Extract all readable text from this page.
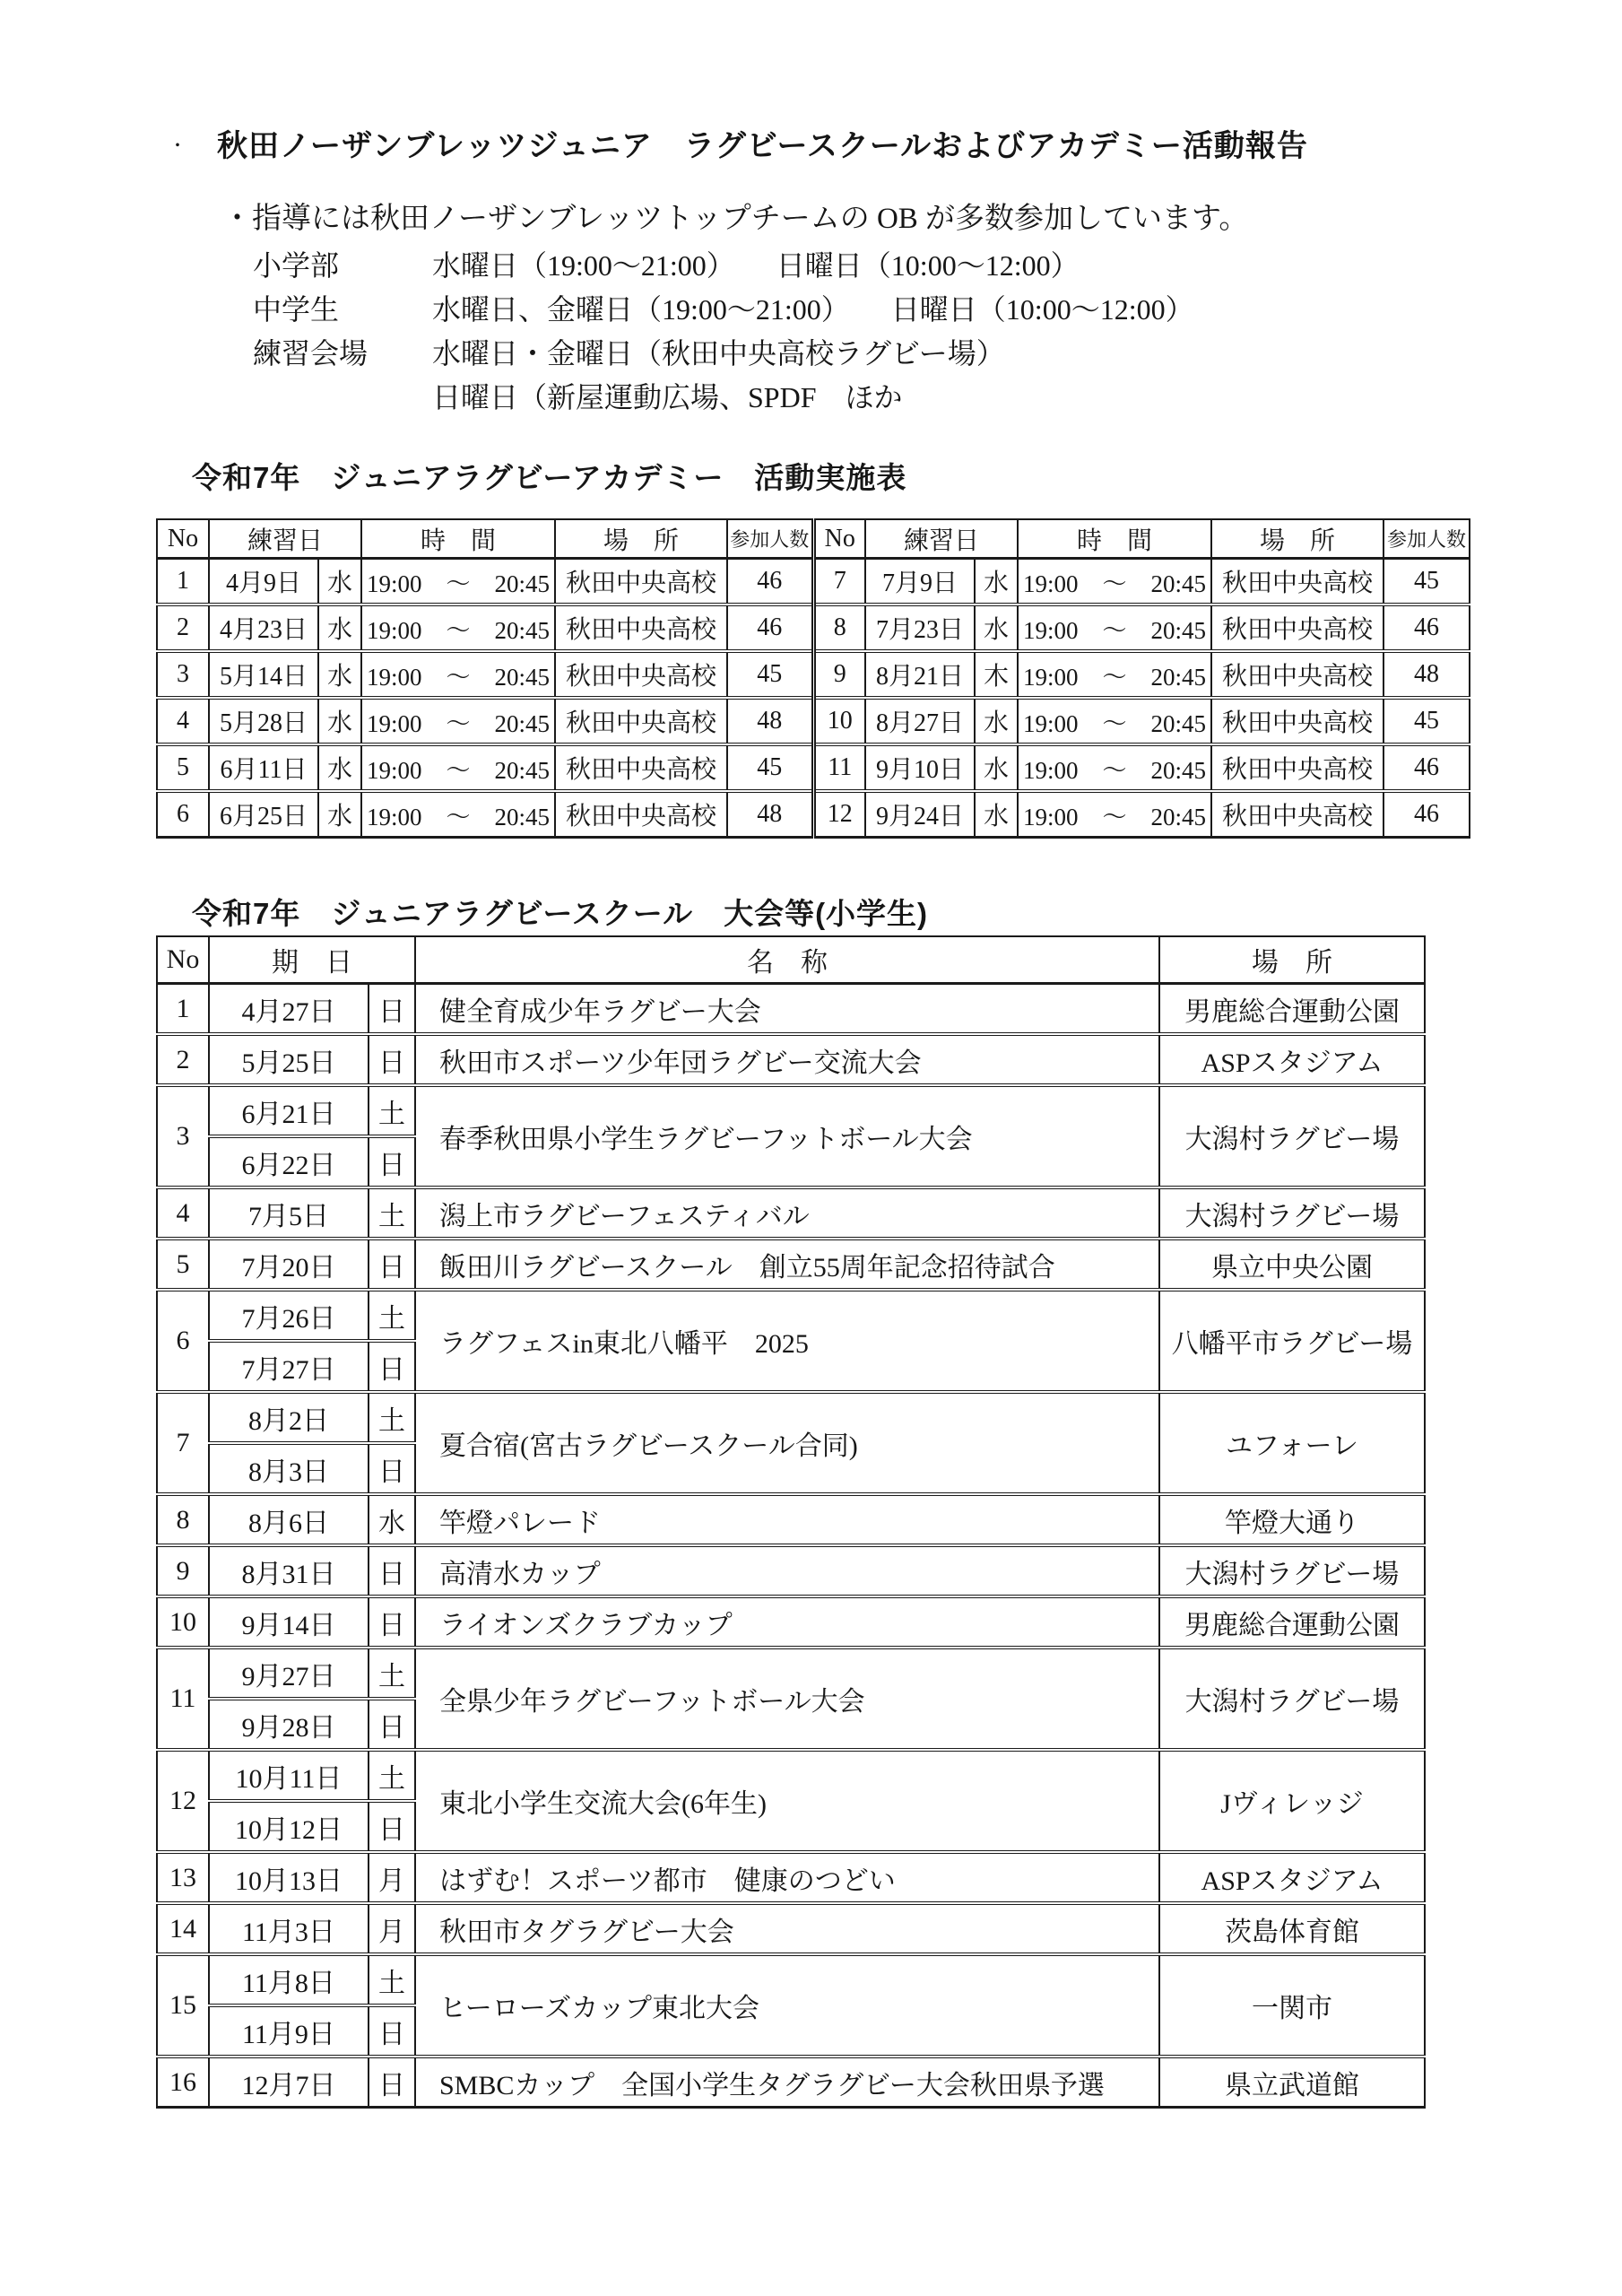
・ 秋田ノーザンブレッツジュニア　ラグビースクールおよびアカデミー活動報告
・指導には秋田ノーザンブレッツトップチームの OB が多数参加しています。
小学部	水曜日（19:00～21:00） 日曜日（10:00～12:00）
中学生	水曜日、金曜日（19:00～21:00） 日曜日（10:00～12:00）
練習会場	水曜日・金曜日（秋田中央高校ラグビー場）
日曜日（新屋運動広場、SPDF　ほか
令和7年　ジュニアラグビーアカデミー　活動実施表
No	練習日		時　間	場　所	参加人数	No	練習日		時　間	場　所	参加人数
1	4月9日	水	19:00　～　20:45	秋田中央高校	46	7	7月9日	水	19:00　～　20:45	秋田中央高校	45
2	4月23日	水	19:00　～　20:45	秋田中央高校	46	8	7月23日	水	19:00　～　20:45	秋田中央高校	46
3	5月14日	水	19:00　～　20:45	秋田中央高校	45	9	8月21日	木	19:00　～　20:45	秋田中央高校	48
4	5月28日	水	19:00　～　20:45	秋田中央高校	48	10	8月27日	水	19:00　～　20:45	秋田中央高校	45
5	6月11日	水	19:00　～　20:45	秋田中央高校	45	11	9月10日	水	19:00　～　20:45	秋田中央高校	46
6	6月25日	水	19:00　～　20:45	秋田中央高校	48	12	9月24日	水	19:00　～　20:45	秋田中央高校	46
令和7年　ジュニアラグビースクール　大会等(小学生)
No	期　日		名　称	場　所
1	4月27日	日	健全育成少年ラグビー大会	男鹿総合運動公園
2	5月25日	日	秋田市スポーツ少年団ラグビー交流大会	ASPスタジアム
3	6月21日	土	春季秋田県小学生ラグビーフットボール大会	大潟村ラグビー場
	6月22日	日		
4	7月5日	土	潟上市ラグビーフェスティバル	大潟村ラグビー場
5	7月20日	日	飯田川ラグビースクール　創立55周年記念招待試合	県立中央公園
6	7月26日	土	ラグフェスin東北八幡平　2025	八幡平市ラグビー場
	7月27日	日		
7	8月2日	土	夏合宿(宮古ラグビースクール合同)	ユフォーレ
	8月3日	日		
8	8月6日	水	竿燈パレード	竿燈大通り
9	8月31日	日	高清水カップ	大潟村ラグビー場
10	9月14日	日	ライオンズクラブカップ	男鹿総合運動公園
11	9月27日	土	全県少年ラグビーフットボール大会	大潟村ラグビー場
	9月28日	日		
12	10月11日	土	東北小学生交流大会(6年生)	Jヴィレッジ
	10月12日	日		
13	10月13日	月	はずむ！スポーツ都市　健康のつどい	ASPスタジアム
14	11月3日	月	秋田市タグラグビー大会	茨島体育館
15	11月8日	土	ヒーローズカップ東北大会	一関市
	11月9日	日		
16	12月7日	日	SMBCカップ　全国小学生タグラグビー大会秋田県予選	県立武道館
